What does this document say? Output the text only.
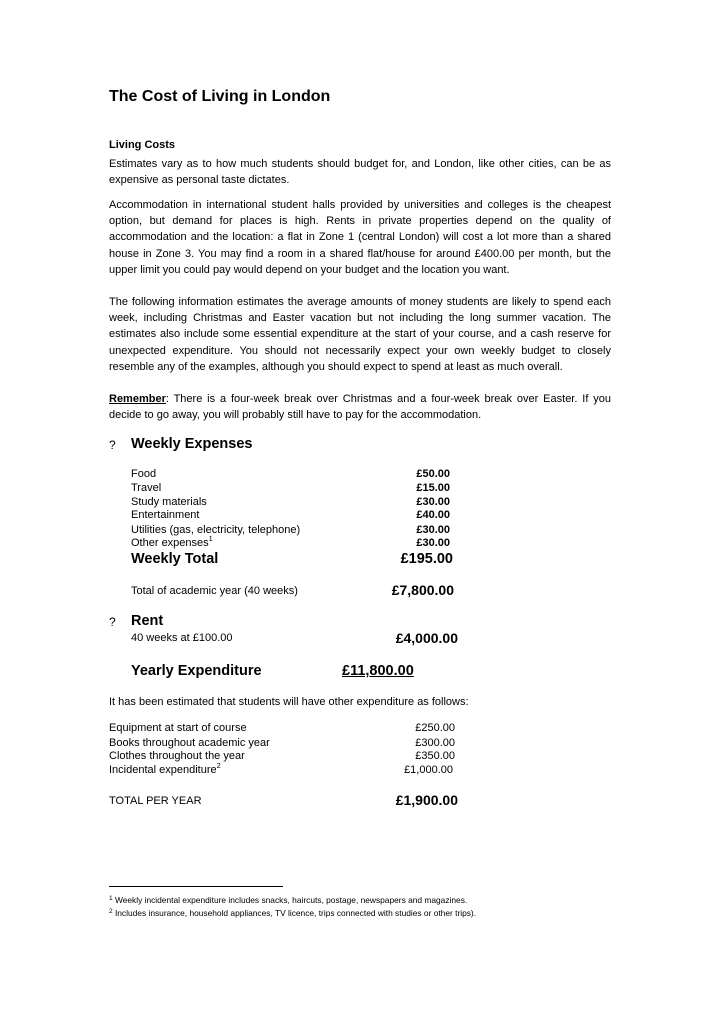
The Cost of Living in London
Living Costs
Estimates vary as to how much students should budget for, and London, like other cities, can be as expensive as personal taste dictates.
Accommodation in international student halls provided by universities and colleges is the cheapest option, but demand for places is high. Rents in private properties depend on the quality of accommodation and the location: a flat in Zone 1 (central London) will cost a lot more than a shared house in Zone 3. You may find a room in a shared flat/house for around £400.00 per month, but the upper limit you could pay would depend on your budget and the location you want.
The following information estimates the average amounts of money students are likely to spend each week, including Christmas and Easter vacation but not including the long summer vacation. The estimates also include some essential expenditure at the start of your course, and a cash reserve for unexpected expenditure. You should not necessarily expect your own weekly budget to closely resemble any of the examples, although you should expect to spend at least as much overall.
Remember: There is a four-week break over Christmas and a four-week break over Easter. If you decide to go away, you will probably still have to pay for the accommodation.
? Weekly Expenses
Food	£50.00
Travel	£15.00
Study materials	£30.00
Entertainment	£40.00
Utilities (gas, electricity, telephone)	£30.00
Other expenses$^1$	£30.00
Weekly Total	£195.00
Total of academic year (40 weeks)	£7,800.00
? Rent
40 weeks at £100.00	£4,000.00
Yearly Expenditure	£11,800.00
It has been estimated that students will have other expenditure as follows:
Equipment at start of course	£250.00
Books throughout academic year	£300.00
Clothes throughout the year	£350.00
Incidental expenditure$^2$	£1,000.00
TOTAL PER YEAR	£1,900.00
$^1$ Weekly incidental expenditure includes snacks, haircuts, postage, newspapers and magazines.
$^2$ Includes insurance, household appliances, TV licence, trips connected with studies or other trips).
